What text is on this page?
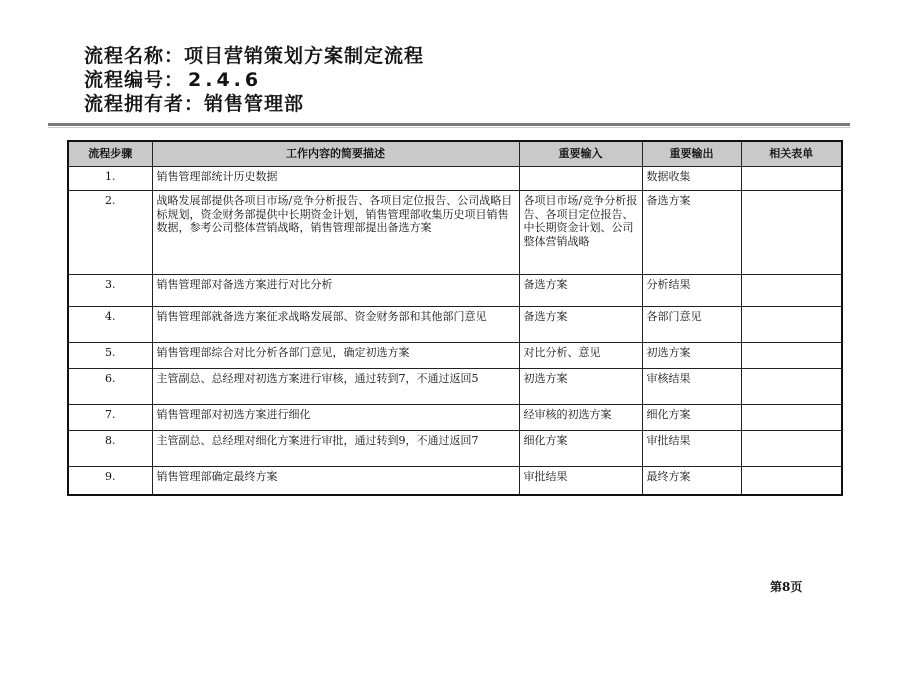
流程名称：项目营销策划方案制定流程
流程编号： 2.4.6
流程拥有者：销售管理部
流程步骤	工作内容的简要描述	重要输入	重要输出	相关表单
1.	销售管理部统计历史数据		数据收集	
2.	战略发展部提供各项目市场/竞争分析报告、各项目定位报告、公司战略目标规划，资金财务部提供中长期资金计划，销售管理部收集历史项目销售数据，参考公司整体营销战略，销售管理部提出备选方案	各项目市场/竞争分析报告、各项目定位报告、中长期资金计划、公司整体营销战略	备选方案	
3.	销售管理部对备选方案进行对比分析	备选方案	分析结果	
4.	销售管理部就备选方案征求战略发展部、资金财务部和其他部门意见	备选方案	各部门意见	
5.	销售管理部综合对比分析各部门意见，确定初选方案	对比分析、意见	初选方案	
6.	主管副总、总经理对初选方案进行审核，通过转到7，不通过返回5	初选方案	审核结果	
7.	销售管理部对初选方案进行细化	经审核的初选方案	细化方案	
8.	主管副总、总经理对细化方案进行审批，通过转到9，不通过返回7	细化方案	审批结果	
9.	销售管理部确定最终方案	审批结果	最终方案	
第8页
